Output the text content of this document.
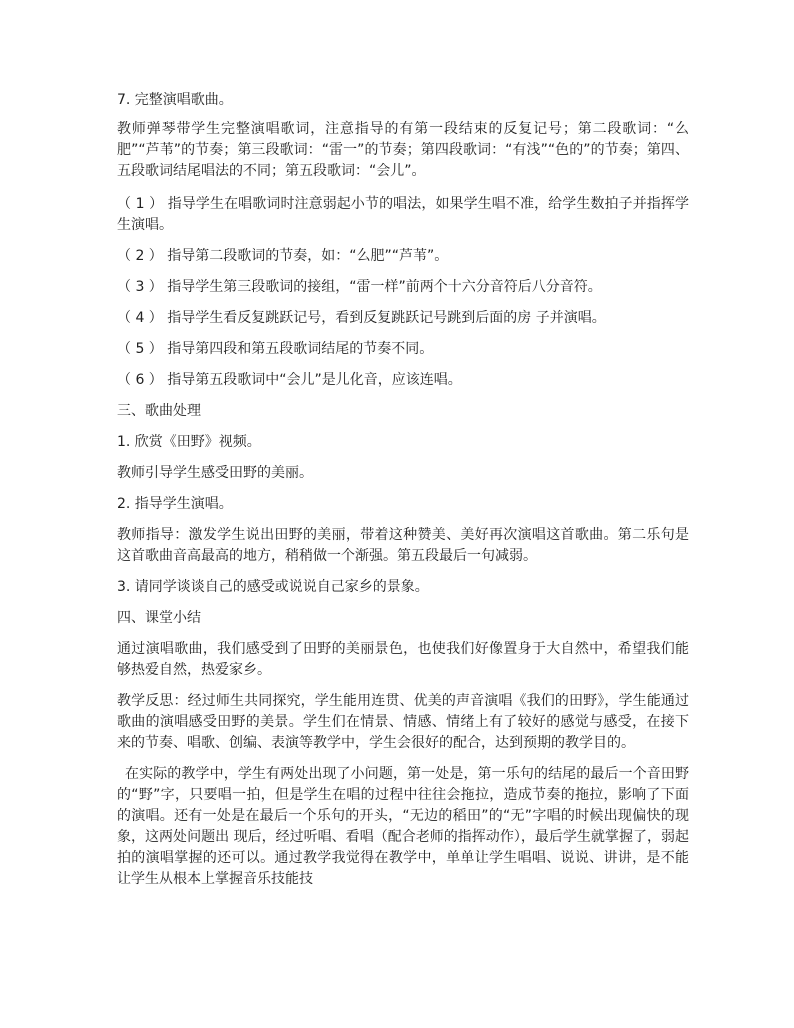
7. 完整演唱歌曲。

教师弹琴带学生完整演唱歌词，注意指导的有第一段结束的反复记号；第二段歌词：“么肥”“芦苇”的节奏；第三段歌词：“雷一”的节奏；第四段歌词：“有浅”“色的”的节奏；第四、五段歌词结尾唱法的不同；第五段歌词：“会儿”。

（ 1 ） 指导学生在唱歌词时注意弱起小节的唱法，如果学生唱不准，给学生数拍子并指挥学生演唱。

（ 2 ） 指导第二段歌词的节奏，如：“么肥”“芦苇”。

（ 3 ） 指导学生第三段歌词的接组，“雷一样”前两个十六分音符后八分音符。

（ 4 ） 指导学生看反复跳跃记号，看到反复跳跃记号跳到后面的房 子并演唱。

（ 5 ） 指导第四段和第五段歌词结尾的节奏不同。

（ 6 ） 指导第五段歌词中“会儿”是儿化音，应该连唱。

三、歌曲处理

1. 欣赏《田野》视频。

教师引导学生感受田野的美丽。

2. 指导学生演唱。

教师指导：激发学生说出田野的美丽，带着这种赞美、美好再次演唱这首歌曲。第二乐句是这首歌曲音高最高的地方，稍稍做一个渐强。第五段最后一句减弱。

3. 请同学谈谈自己的感受或说说自己家乡的景象。

四、课堂小结

通过演唱歌曲，我们感受到了田野的美丽景色，也使我们好像置身于大自然中，希望我们能够热爱自然，热爱家乡。

教学反思：经过师生共同探究，学生能用连贯、优美的声音演唱《我们的田野》，学生能通过歌曲的演唱感受田野的美景。学生们在情景、情感、情绪上有了较好的感觉与感受，在接下来的节奏、唱歌、创编、表演等教学中，学生会很好的配合，达到预期的教学目的。

在实际的教学中，学生有两处出现了小问题，第一处是，第一乐句的结尾的最后一个音田野的“野”字，只要唱一拍，但是学生在唱的过程中往往会拖拉，造成节奏的拖拉，影响了下面的演唱。还有一处是在最后一个乐句的开头，“无边的稻田”的“无”字唱的时候出现偏快的现象，这两处问题出 现后，经过听唱、看唱（配合老师的指挥动作），最后学生就掌握了，弱起拍的演唱掌握的还可以。通过教学我觉得在教学中，单单让学生唱唱、说说、讲讲，是不能让学生从根本上掌握音乐技能技
